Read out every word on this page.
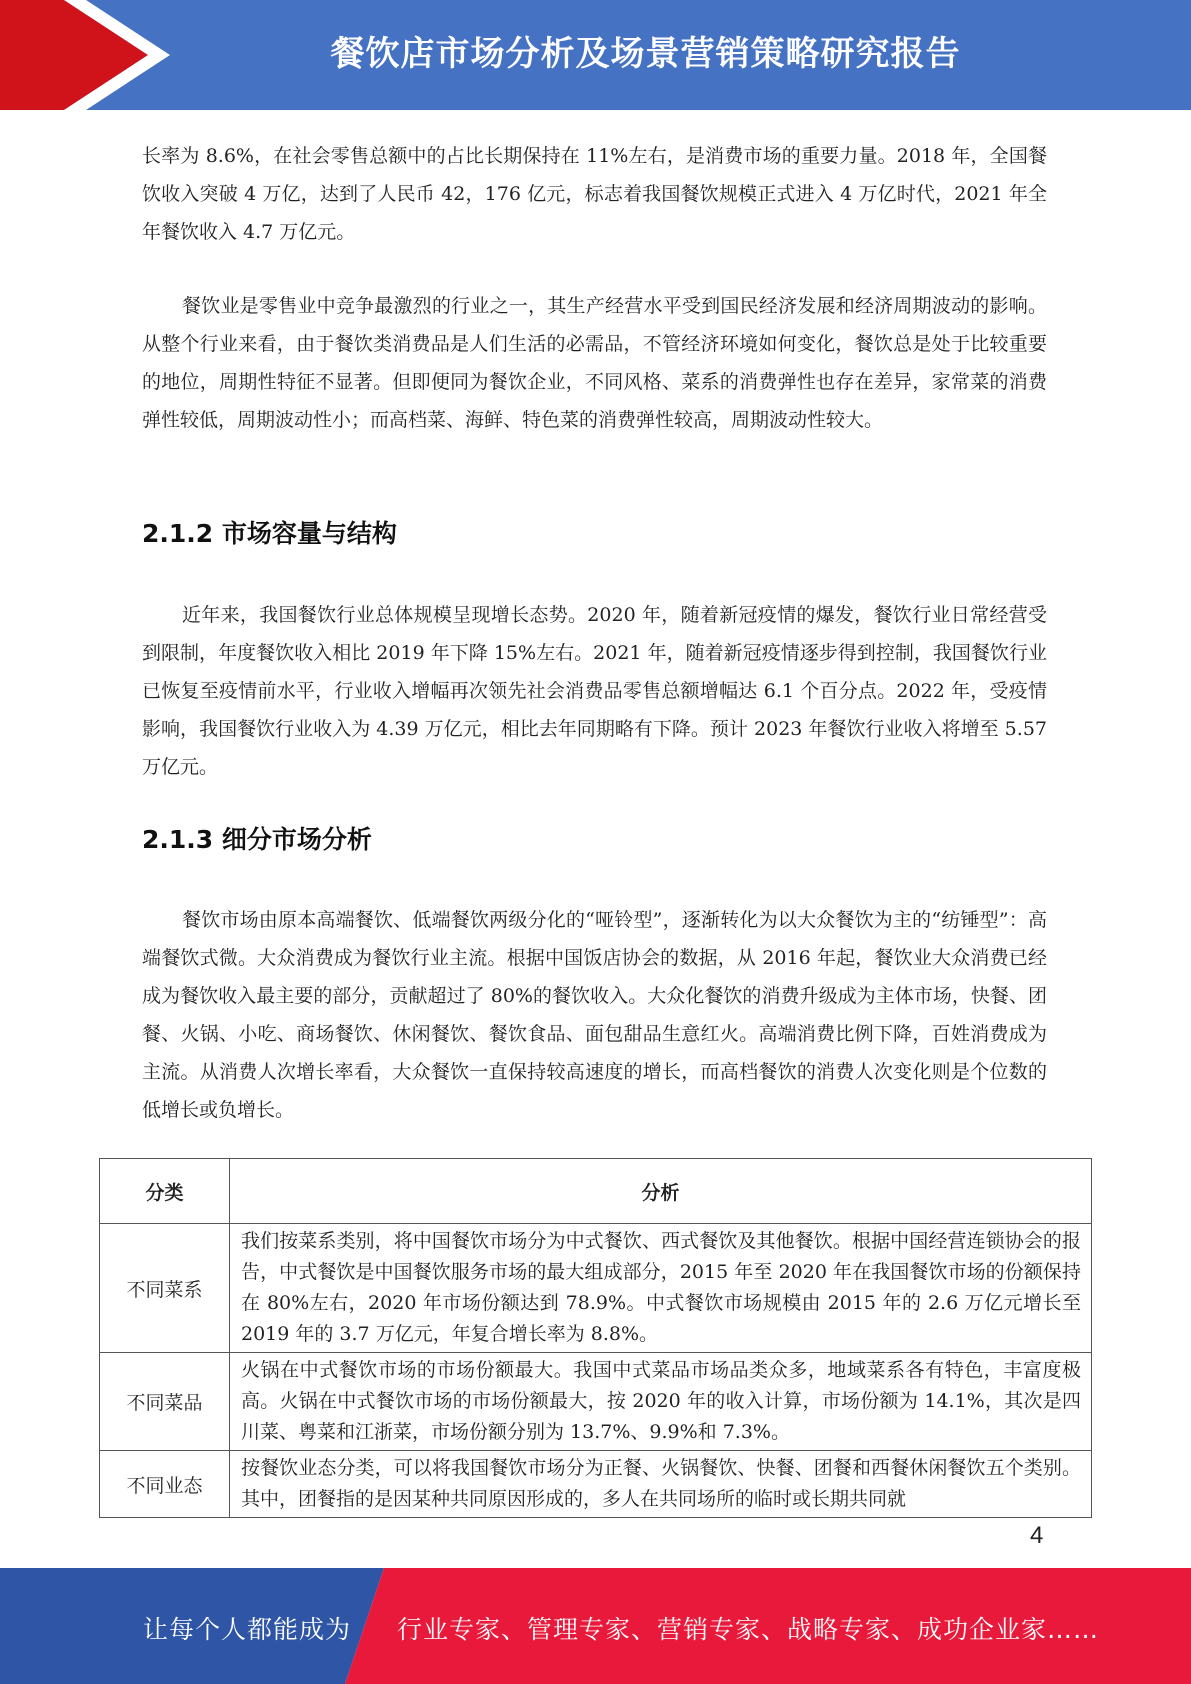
餐饮店市场分析及场景营销策略研究报告

长率为 8.6%，在社会零售总额中的占比长期保持在 11%左右，是消费市场的重要力量。2018 年，全国餐饮收入突破 4 万亿，达到了人民币 42，176 亿元，标志着我国餐饮规模正式进入 4 万亿时代，2021 年全年餐饮收入 4.7 万亿元。

餐饮业是零售业中竞争最激烈的行业之一，其生产经营水平受到国民经济发展和经济周期波动的影响。从整个行业来看，由于餐饮类消费品是人们生活的必需品，不管经济环境如何变化，餐饮总是处于比较重要的地位，周期性特征不显著。但即便同为餐饮企业，不同风格、菜系的消费弹性也存在差异，家常菜的消费弹性较低，周期波动性小；而高档菜、海鲜、特色菜的消费弹性较高，周期波动性较大。

2.1.2 市场容量与结构

近年来，我国餐饮行业总体规模呈现增长态势。2020 年，随着新冠疫情的爆发，餐饮行业日常经营受到限制，年度餐饮收入相比 2019 年下降 15%左右。2021 年，随着新冠疫情逐步得到控制，我国餐饮行业已恢复至疫情前水平，行业收入增幅再次领先社会消费品零售总额增幅达 6.1 个百分点。2022 年，受疫情影响，我国餐饮行业收入为 4.39 万亿元，相比去年同期略有下降。预计 2023 年餐饮行业收入将增至 5.57 万亿元。

2.1.3 细分市场分析

餐饮市场由原本高端餐饮、低端餐饮两级分化的“哑铃型”，逐渐转化为以大众餐饮为主的“纺锤型”：高端餐饮式微。大众消费成为餐饮行业主流。根据中国饭店协会的数据，从 2016 年起，餐饮业大众消费已经成为餐饮收入最主要的部分，贡献超过了 80%的餐饮收入。大众化餐饮的消费升级成为主体市场，快餐、团餐、火锅、小吃、商场餐饮、休闲餐饮、餐饮食品、面包甜品生意红火。高端消费比例下降，百姓消费成为主流。从消费人次增长率看，大众餐饮一直保持较高速度的增长，而高档餐饮的消费人次变化则是个位数的低增长或负增长。

分类	分析
不同菜系	我们按菜系类别，将中国餐饮市场分为中式餐饮、西式餐饮及其他餐饮。根据中国经营连锁协会的报告，中式餐饮是中国餐饮服务市场的最大组成部分，2015 年至 2020 年在我国餐饮市场的份额保持在 80%左右，2020 年市场份额达到 78.9%。中式餐饮市场规模由 2015 年的 2.6 万亿元增长至 2019 年的 3.7 万亿元，年复合增长率为 8.8%。
不同菜品	火锅在中式餐饮市场的市场份额最大。我国中式菜品市场品类众多，地域菜系各有特色，丰富度极高。火锅在中式餐饮市场的市场份额最大，按 2020 年的收入计算，市场份额为 14.1%，其次是四川菜、粤菜和江浙菜，市场份额分别为 13.7%、9.9%和 7.3%。
不同业态	按餐饮业态分类，可以将我国餐饮市场分为正餐、火锅餐饮、快餐、团餐和西餐休闲餐饮五个类别。其中，团餐指的是因某种共同原因形成的，多人在共同场所的临时或长期共同就
4
让每个人都能成为 行业专家、管理专家、营销专家、战略专家、成功企业家……
